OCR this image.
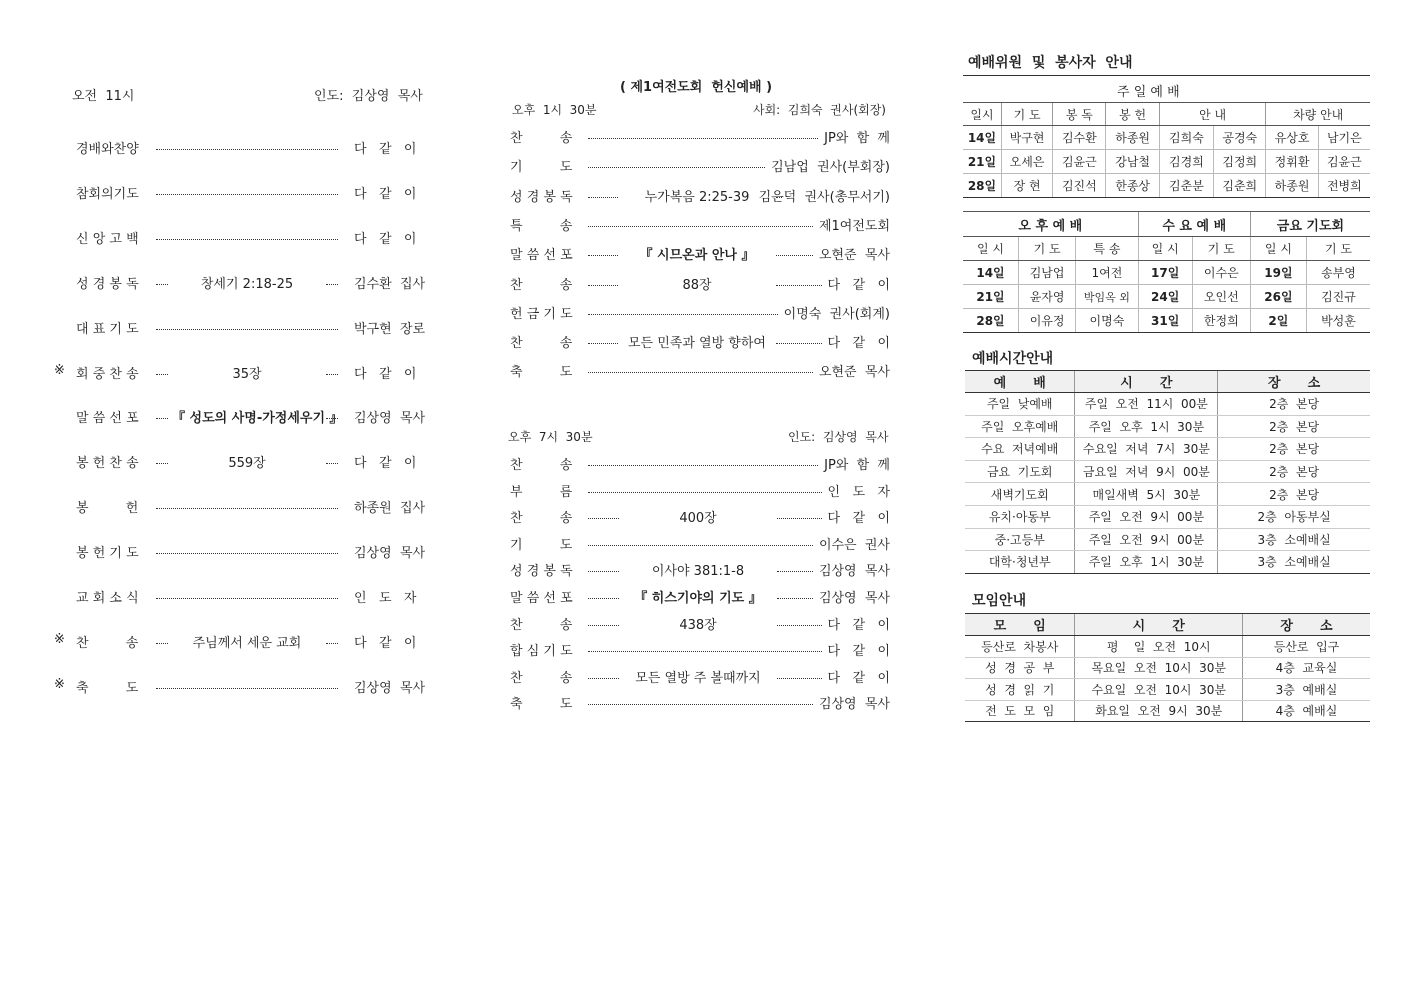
오전  11시	인도:  김상영  목사
경배와찬양	다   같   이
참회의기도	다   같   이
신 앙 고 백	다   같   이
성 경 봉 독	창세기 2:18-25	김수환  집사
대 표 기 도	박구현  장로
※ 회 중 찬 송	35장	다   같   이
말 씀 선 포	『 성도의 사명-가정세우기 』 김상영  목사
봉 헌 찬 송	559장	다   같   이
봉         헌	하종원  집사
봉 헌 기 도	김상영  목사
교 회 소 식	인   도   자
※ 찬         송	주님께서 세운 교회	다   같   이
※ 축         도	김상영  목사
( 제1여전도회  헌신예배 )
오후  1시  30분	사회:  김희숙  권사(회장)
찬         송	JP와  함  께
기         도	김남업  권사(부회장)
성 경 봉 독	누가복음 2:25-39 김은덕  권사(총무서기)
특         송	제1여전도회
말 씀 선 포	『 시므온과 안나 』	오현준  목사
찬         송	88장	다   같   이
헌 금 기 도	이명숙  권사(회계)
찬         송	모든 민족과 열방 향하여	다   같   이
축         도	오현준  목사
오후  7시  30분	인도:  김상영  목사
찬         송	JP와  함  께
부         름	인   도   자
찬         송	400장	다   같   이
기         도	이수은  권사
성 경 봉 독	이사야 381:1-8	김상영  목사
말 씀 선 포	『 히스기야의 기도 』	김상영  목사
찬         송	438장	다   같   이
합 심 기 도	다   같   이
찬         송	모든 열방 주 볼때까지	다   같   이
축         도	김상영  목사
예배위원  및  봉사자  안내
주 일 예 배
일시	기 도	봉 독	봉 헌	안 내		차량 안내	
14일	박구현	김수환	하종원	김희숙	공경숙	유상호	남기은
21일	오세은	김윤근	강남철	김경희	김정희	정휘환	김윤근
28일	장 현	김진석	한종상	김춘분	김춘희	하종원	전병희
오 후 예 배			수 요 예 배		금요 기도회	
일 시	기 도	특 송	일 시	기 도	일 시	기 도
14일	김남업	1여전	17일	이수은	19일	송부영
21일	윤자영	박임옥 외	24일	오인선	26일	김진규
28일	이유정	이명숙	31일	한정희	2일	박성훈
예배시간안내
예      배	시      간	장      소
주일  낮예배	주일  오전  11시  00분	2층  본당
주일  오후예배	주일  오후  1시  30분	2층  본당
수요  저녁예배	수요일  저녁  7시  30분	2층  본당
금요  기도회	금요일  저녁  9시  00분	2층  본당
새벽기도회	매일새벽  5시  30분	2층  본당
유치·아동부	주일  오전  9시  00분	2층  아동부실
중·고등부	주일  오전  9시  00분	3층  소예배실
대학·청년부	주일  오후  1시  30분	3층  소예배실
모임안내
모      임	시      간	장      소
등산로  차봉사	평    일  오전  10시	등산로  입구
성  경  공  부	목요일  오전  10시  30분	4층  교육실
성  경  읽  기	수요일  오전  10시  30분	3층  예배실
전  도  모  임	화요일  오전  9시  30분	4층  예배실
